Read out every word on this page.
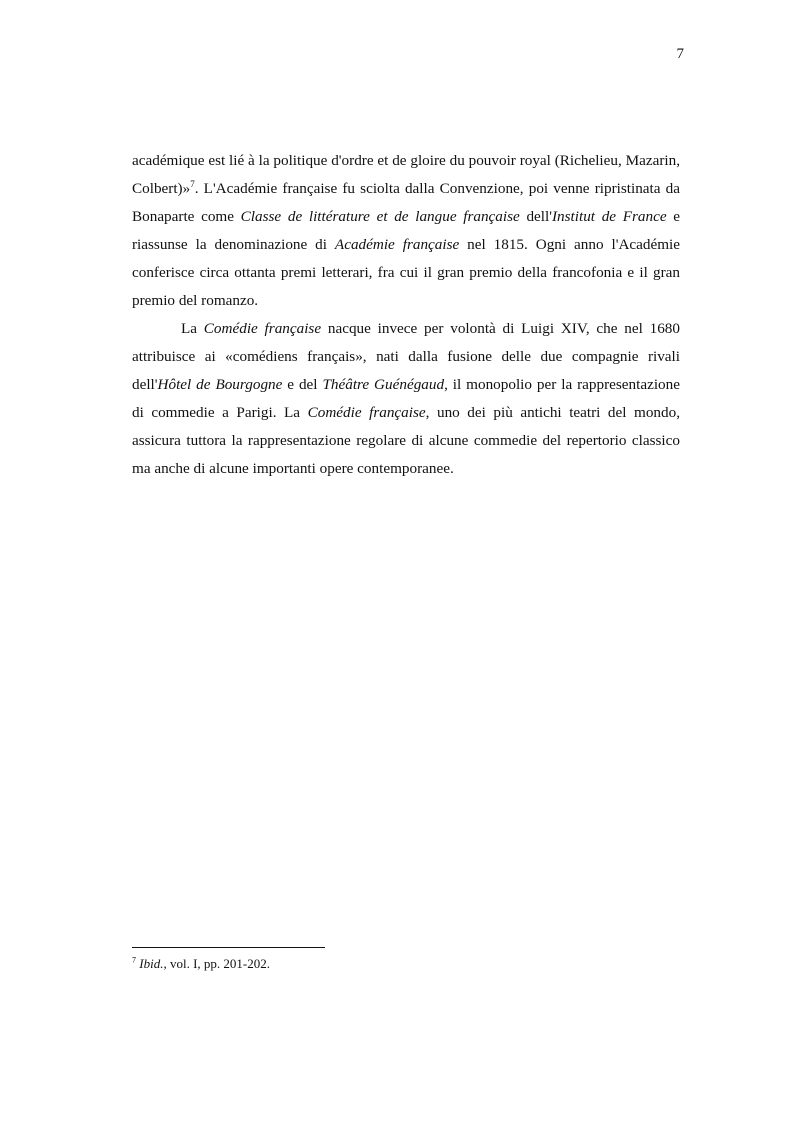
7

académique est lié à la politique d'ordre et de gloire du pouvoir royal (Richelieu, Mazarin, Colbert)»$^7$. L'Académie française fu sciolta dalla Convenzione, poi venne ripristinata da Bonaparte come Classe de littérature et de langue française dell'Institut de France e riassunse la denominazione di Académie française nel 1815. Ogni anno l'Académie conferisce circa ottanta premi letterari, fra cui il gran premio della francofonia e il gran premio del romanzo.

La Comédie française nacque invece per volontà di Luigi XIV, che nel 1680 attribuisce ai «comédiens français», nati dalla fusione delle due compagnie rivali dell'Hôtel de Bourgogne e del Théâtre Guénégaud, il monopolio per la rappresentazione di commedie a Parigi. La Comédie française, uno dei più antichi teatri del mondo, assicura tuttora la rappresentazione regolare di alcune commedie del repertorio classico ma anche di alcune importanti opere contemporanee.

$^7$ Ibid., vol. I, pp. 201-202.
